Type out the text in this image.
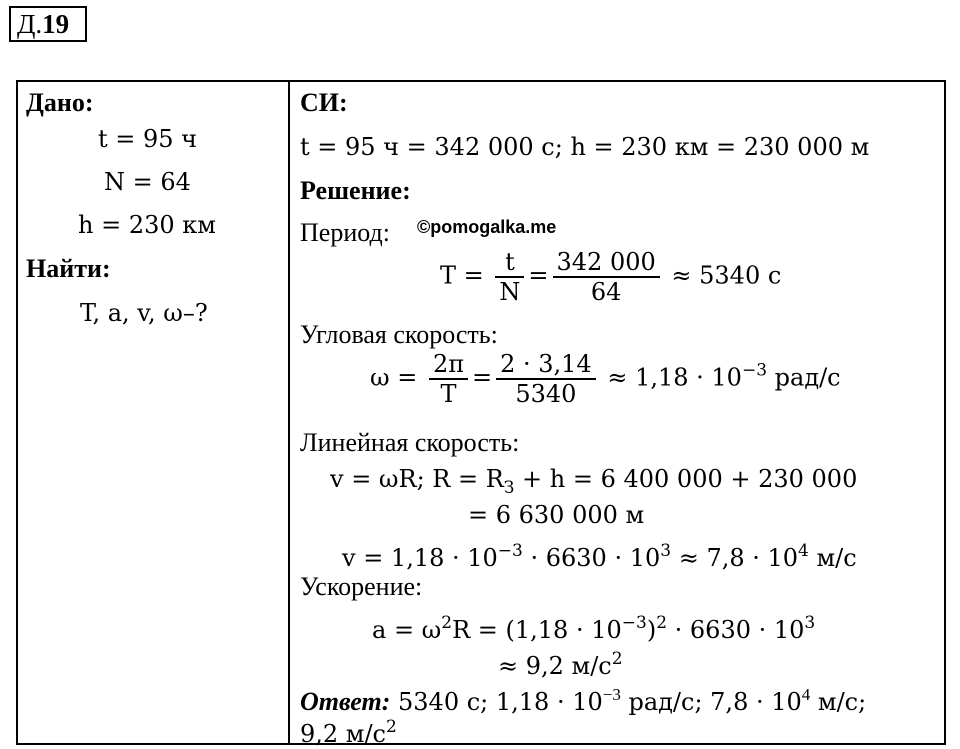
Д. 19
Дано:
t = 95 ч
N = 64
h = 230 км
Найти:
T, a, v, ω–?

СИ:
t = 95 ч = 342 000 с; h = 230 км = 230 000 м
Решение:
Период: ©pomogalka.me
$T = \frac{t}{N} = \frac{342 000}{64} \approx 5340$ с
Угловая скорость:
$\omega = \frac{2\pi}{T} = \frac{2 \cdot 3,14}{5340} \approx 1,18 \cdot 10^{-3}$ рад/с
Линейная скорость:
v = ωR; $R = R_З + h = 6$ 400 000 + 230 000
= 6 630 000 м
$v = 1,18 \cdot 10^{-3} \cdot 6630 \cdot 10^3 \approx 7,8 \cdot 10^4$ м/с
Ускорение:
$a = \omega^2R = (1,18 \cdot 10^{-3})^2 \cdot 6630 \cdot 10^3$
≈ 9,2 $м/с^2$
Ответ: 5340 с; $1,18 \cdot 10^{-3}$ рад/с; $7,8 \cdot 10^4$ м/с;
9,2 $м/с^2$
